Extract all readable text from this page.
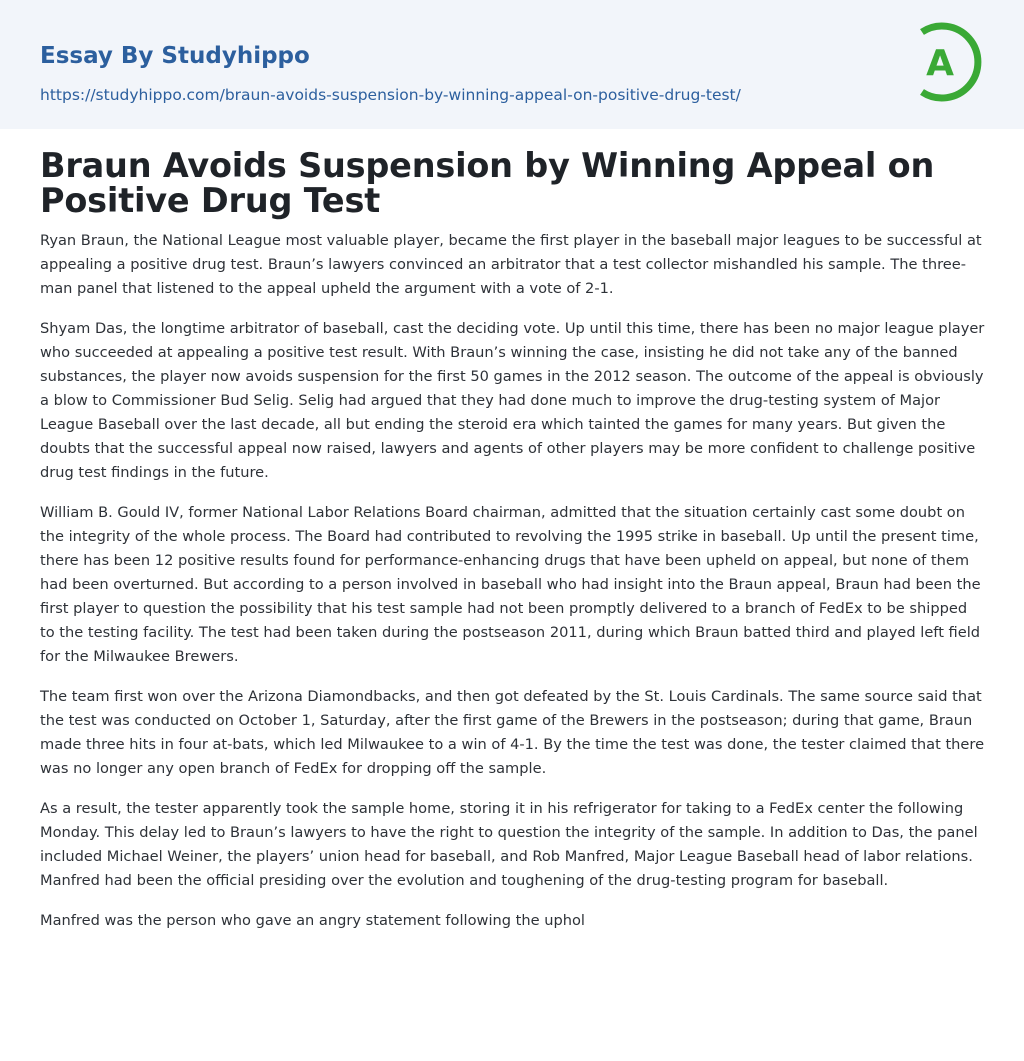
Essay By Studyhippo
https://studyhippo.com/braun-avoids-suspension-by-winning-appeal-on-positive-drug-test/
A
Braun Avoids Suspension by Winning Appeal on Positive Drug Test

Ryan Braun, the National League most valuable player, became the first player in the baseball major leagues to be successful at appealing a positive drug test. Braun’s lawyers convinced an arbitrator that a test collector mishandled his sample. The three-man panel that listened to the appeal upheld the argument with a vote of 2-1.

Shyam Das, the longtime arbitrator of baseball, cast the deciding vote. Up until this time, there has been no major league player who succeeded at appealing a positive test result. With Braun’s winning the case, insisting he did not take any of the banned substances, the player now avoids suspension for the first 50 games in the 2012 season. The outcome of the appeal is obviously a blow to Commissioner Bud Selig. Selig had argued that they had done much to improve the drug-testing system of Major League Baseball over the last decade, all but ending the steroid era which tainted the games for many years. But given the doubts that the successful appeal now raised, lawyers and agents of other players may be more confident to challenge positive drug test findings in the future.

William B. Gould IV, former National Labor Relations Board chairman, admitted that the situation certainly cast some doubt on the integrity of the whole process. The Board had contributed to revolving the 1995 strike in baseball. Up until the present time, there has been 12 positive results found for performance-enhancing drugs that have been upheld on appeal, but none of them had been overturned. But according to a person involved in baseball who had insight into the Braun appeal, Braun had been the first player to question the possibility that his test sample had not been promptly delivered to a branch of FedEx to be shipped to the testing facility. The test had been taken during the postseason 2011, during which Braun batted third and played left field for the Milwaukee Brewers.

The team first won over the Arizona Diamondbacks, and then got defeated by the St. Louis Cardinals. The same source said that the test was conducted on October 1, Saturday, after the first game of the Brewers in the postseason; during that game, Braun made three hits in four at-bats, which led Milwaukee to a win of 4-1. By the time the test was done, the tester claimed that there was no longer any open branch of FedEx for dropping off the sample.

As a result, the tester apparently took the sample home, storing it in his refrigerator for taking to a FedEx center the following Monday. This delay led to Braun’s lawyers to have the right to question the integrity of the sample. In addition to Das, the panel included Michael Weiner, the players’ union head for baseball, and Rob Manfred, Major League Baseball head of labor relations. Manfred had been the official presiding over the evolution and toughening of the drug-testing program for baseball.

Manfred was the person who gave an angry statement following the uphol
